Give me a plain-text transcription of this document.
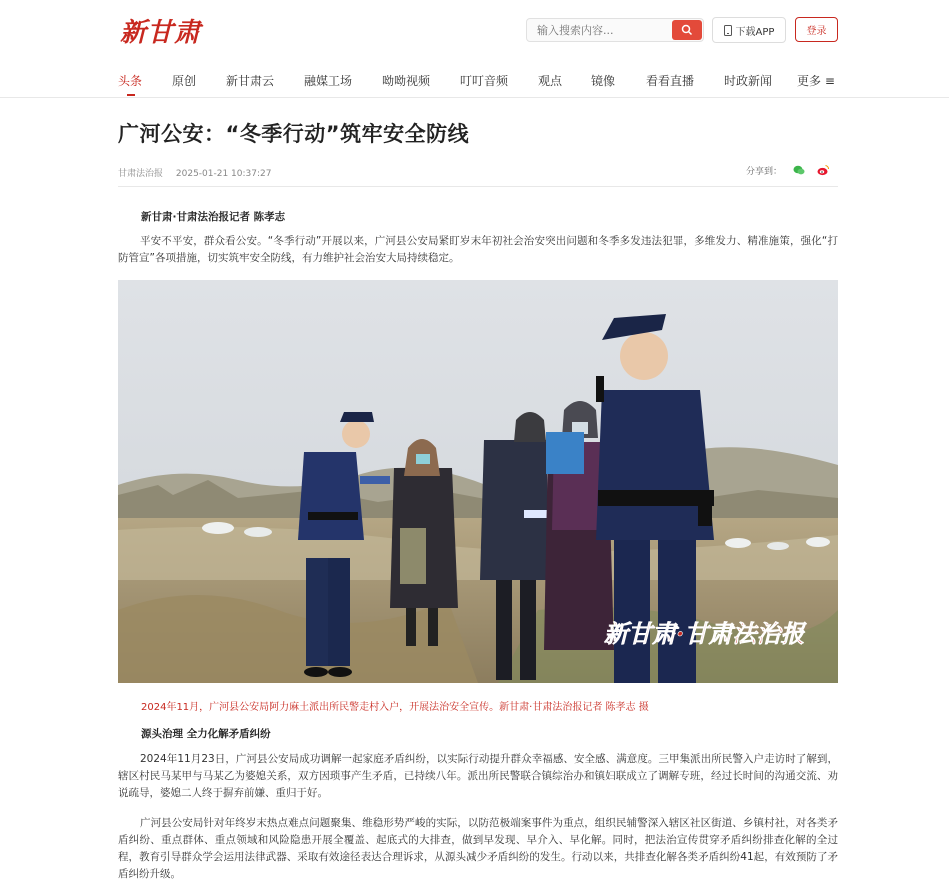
新甘肃
输入搜索内容...	下载APP	登录
头条 原创 新甘肃云 融媒工场 呦呦视频 叮叮音频 观点 镜像	看看直播 时政新闻 更多 ≡
广河公安：“冬季行动”筑牢安全防线
甘肃法治报 2025-01-21 10:37:27	分享到：
新甘肃·甘肃法治报记者 陈孝志

平安不平安，群众看公安。“冬季行动”开展以来，广河县公安局紧盯岁末年初社会治安突出问题和冬季多发违法犯罪，多维发力、精准施策，强化“打防管宣”各项措施，切实筑牢安全防线，有力维护社会治安大局持续稳定。

新甘肃·甘肃法治报
2024年11月，广河县公安局阿力麻土派出所民警走村入户，开展法治安全宣传。新甘肃·甘肃法治报记者 陈孝志 摄
源头治理 全力化解矛盾纠纷

2024年11月23日，广河县公安局成功调解一起家庭矛盾纠纷，以实际行动提升群众幸福感、安全感、满意度。三甲集派出所民警入户走访时了解到，辖区村民马某甲与马某乙为婆媳关系，双方因琐事产生矛盾，已持续八年。派出所民警联合镇综治办和镇妇联成立了调解专班，经过长时间的沟通交流、劝说疏导，婆媳二人终于摒弃前嫌、重归于好。

广河县公安局针对年终岁末热点难点问题聚集、维稳形势严峻的实际，以防范极端案事件为重点，组织民辅警深入辖区社区街道、乡镇村社，对各类矛盾纠纷、重点群体、重点领域和风险隐患开展全覆盖、起底式的大排查，做到早发现、早介入、早化解。同时，把法治宣传贯穿矛盾纠纷排查化解的全过程，教育引导群众学会运用法律武器、采取有效途径表达合理诉求，从源头减少矛盾纠纷的发生。行动以来，共排查化解各类矛盾纠纷41起，有效预防了矛盾纠纷升级。
